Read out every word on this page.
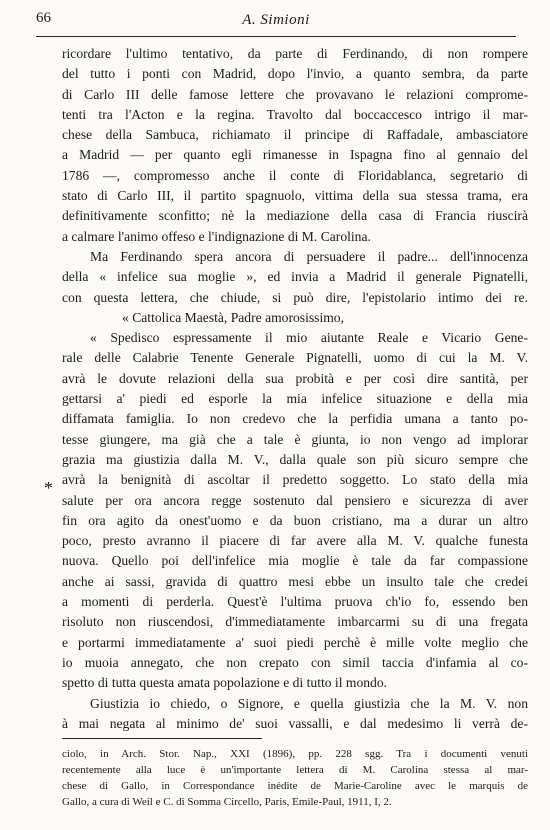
66	A. Simioni
ricordare l'ultimo tentativo, da parte di Ferdinando, di non rompere
del tutto i ponti con Madrid, dopo l'invio, a quanto sembra, da parte
di Carlo III delle famose lettere che provavano le relazioni comprome-
tenti tra l'Acton e la regina. Travolto dal boccaccesco intrigo il mar-
chese della Sambuca, richiamato il principe di Raffadale, ambasciatore
a Madrid — per quanto egli rimanesse in Ispagna fino al gennaio del
1786 —, compromesso anche il conte di Floridablanca, segretario di
stato di Carlo III, il partito spagnuolo, vittima della sua stessa trama, era
definitivamente sconfitto; nè la mediazione della casa di Francia riuscirà
a calmare l'animo offeso e l'indignazione di M. Carolina.
Ma Ferdinando spera ancora di persuadere il padre... dell'innocenza
della « infelice sua moglie », ed invia a Madrid il generale Pignatelli,
con questa lettera, che chiude, si può dire, l'epistolario intimo dei re.
« Cattolica Maestà, Padre amorosissimo,
« Spedisco espressamente il mio aiutante Reale e Vicario Gene-
rale delle Calabrie Tenente Generale Pignatelli, uomo di cui la M. V.
avrà le dovute relazioni della sua probità e per così dire santità, per
gettarsi a' piedi ed esporle la mia infelice situazione e della mia
diffamata famiglia. Io non credevo che la perfidia umana a tanto po-
tesse giungere, ma già che a tale è giunta, io non vengo ad implorar
grazia ma giustizia dalla M. V., dalla quale son più sicuro sempre che
avrà la benignità di ascoltar il predetto soggetto. Lo stato della mia
salute per ora ancora regge sostenuto dal pensiero e sicurezza di aver
fin ora agito da onest'uomo e da buon cristiano, ma a durar un altro
poco, presto avranno il piacere di far avere alla M. V. qualche funesta
nuova. Quello poi dell'infelice mia moglie è tale da far compassione
anche ai sassi, gravida di quattro mesi ebbe un insulto tale che credei
a momenti di perderla. Quest'è l'ultima pruova ch'io fo, essendo ben
risoluto non riuscendosi, d'immediatamente imbarcarmi su di una fregata
e portarmi immediatamente a' suoi piedi perchè è mille volte meglio che
io muoia annegato, che non crepato con simil taccia d'infamia al co-
spetto di tutta questa amata popolazione e di tutto il mondo.
Giustizia io chiedo, o Signore, e quella giustizia che la M. V. non
à mai negata al minimo de' suoi vassalli, e dal medesimo li verrà de-
*
ciolo, in Arch. Stor. Nap., XXI (1896), pp. 228 sgg. Tra i documenti venuti
recentemente alla luce è un'importante lettera di M. Carolina stessa al mar-
chese di Gallo, in Correspondance inédite de Marie-Caroline avec le marquis de
Gallo, a cura di Weil e C. di Somma Circello, Paris, Emile-Paul, 1911, I, 2.
